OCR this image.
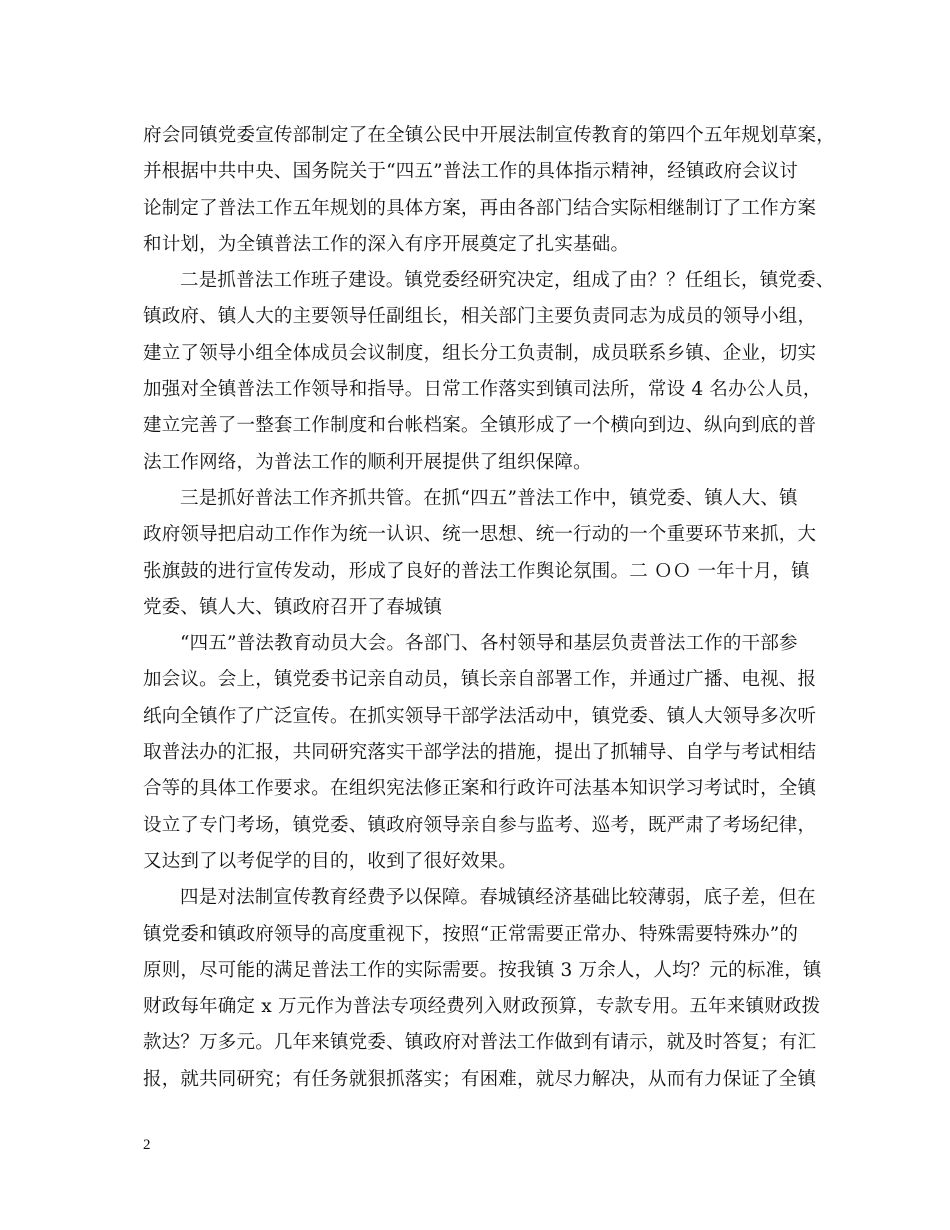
府会同镇党委宣传部制定了在全镇公民中开展法制宣传教育的第四个五年规划草案，
并根据中共中央、国务院关于“四五”普法工作的具体指示精神，经镇政府会议讨
论制定了普法工作五年规划的具体方案，再由各部门结合实际相继制订了工作方案
和计划，为全镇普法工作的深入有序开展奠定了扎实基础。

二是抓普法工作班子建设。镇党委经研究决定，组成了由？？任组长，镇党委、
镇政府、镇人大的主要领导任副组长，相关部门主要负责同志为成员的领导小组，
建立了领导小组全体成员会议制度，组长分工负责制，成员联系乡镇、企业，切实
加强对全镇普法工作领导和指导。日常工作落实到镇司法所，常设 4 名办公人员，
建立完善了一整套工作制度和台帐档案。全镇形成了一个横向到边、纵向到底的普
法工作网络，为普法工作的顺利开展提供了组织保障。

三是抓好普法工作齐抓共管。在抓“四五”普法工作中，镇党委、镇人大、镇
政府领导把启动工作作为统一认识、统一思想、统一行动的一个重要环节来抓，大
张旗鼓的进行宣传发动，形成了良好的普法工作舆论氛围。二 ＯＯ 一年十月，镇
党委、镇人大、镇政府召开了春城镇

“四五”普法教育动员大会。各部门、各村领导和基层负责普法工作的干部参
加会议。会上，镇党委书记亲自动员，镇长亲自部署工作，并通过广播、电视、报
纸向全镇作了广泛宣传。在抓实领导干部学法活动中，镇党委、镇人大领导多次听
取普法办的汇报，共同研究落实干部学法的措施，提出了抓辅导、自学与考试相结
合等的具体工作要求。在组织宪法修正案和行政许可法基本知识学习考试时，全镇
设立了专门考场，镇党委、镇政府领导亲自参与监考、巡考，既严肃了考场纪律，
又达到了以考促学的目的，收到了很好效果。

四是对法制宣传教育经费予以保障。春城镇经济基础比较薄弱，底子差，但在
镇党委和镇政府领导的高度重视下，按照“正常需要正常办、特殊需要特殊办”的
原则，尽可能的满足普法工作的实际需要。按我镇 3 万余人，人均？元的标准，镇
财政每年确定 x 万元作为普法专项经费列入财政预算，专款专用。五年来镇财政拨
款达？万多元。几年来镇党委、镇政府对普法工作做到有请示，就及时答复；有汇
报，就共同研究；有任务就狠抓落实；有困难，就尽力解决，从而有力保证了全镇

2
